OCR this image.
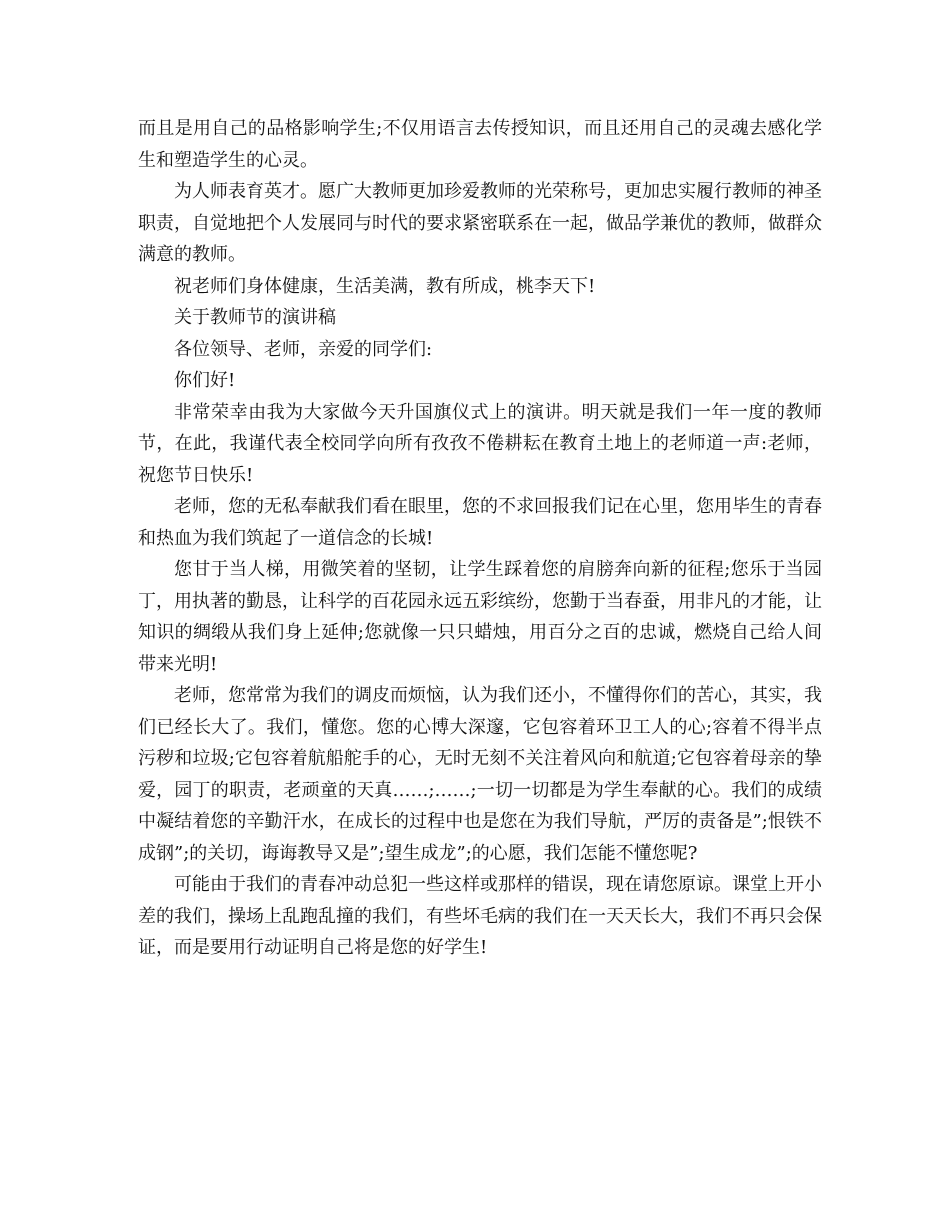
而且是用自己的品格影响学生;不仅用语言去传授知识，而且还用自己的灵魂去感化学生和塑造学生的心灵。

为人师表育英才。愿广大教师更加珍爱教师的光荣称号，更加忠实履行教师的神圣职责，自觉地把个人发展同与时代的要求紧密联系在一起，做品学兼优的教师，做群众满意的教师。

祝老师们身体健康，生活美满，教有所成，桃李天下!

关于教师节的演讲稿

各位领导、老师，亲爱的同学们:

你们好!

非常荣幸由我为大家做今天升国旗仪式上的演讲。明天就是我们一年一度的教师节，在此，我谨代表全校同学向所有孜孜不倦耕耘在教育土地上的老师道一声:老师，祝您节日快乐!

老师，您的无私奉献我们看在眼里，您的不求回报我们记在心里，您用毕生的青春和热血为我们筑起了一道信念的长城!

您甘于当人梯，用微笑着的坚韧，让学生踩着您的肩膀奔向新的征程;您乐于当园丁，用执著的勤恳，让科学的百花园永远五彩缤纷，您勤于当春蚕，用非凡的才能，让知识的绸缎从我们身上延伸;您就像一只只蜡烛，用百分之百的忠诚，燃烧自己给人间带来光明!

老师，您常常为我们的调皮而烦恼，认为我们还小，不懂得你们的苦心，其实，我们已经长大了。我们，懂您。您的心博大深邃，它包容着环卫工人的心;容着不得半点污秽和垃圾;它包容着航船舵手的心，无时无刻不关注着风向和航道;它包容着母亲的挚爱，园丁的职责，老顽童的天真……;……;一切一切都是为学生奉献的心。我们的成绩中凝结着您的辛勤汗水，在成长的过程中也是您在为我们导航，严厉的责备是”;恨铁不成钢”;的关切，诲诲教导又是”;望生成龙”;的心愿，我们怎能不懂您呢?

可能由于我们的青春冲动总犯一些这样或那样的错误，现在请您原谅。课堂上开小差的我们，操场上乱跑乱撞的我们，有些坏毛病的我们在一天天长大，我们不再只会保证，而是要用行动证明自己将是您的好学生!
